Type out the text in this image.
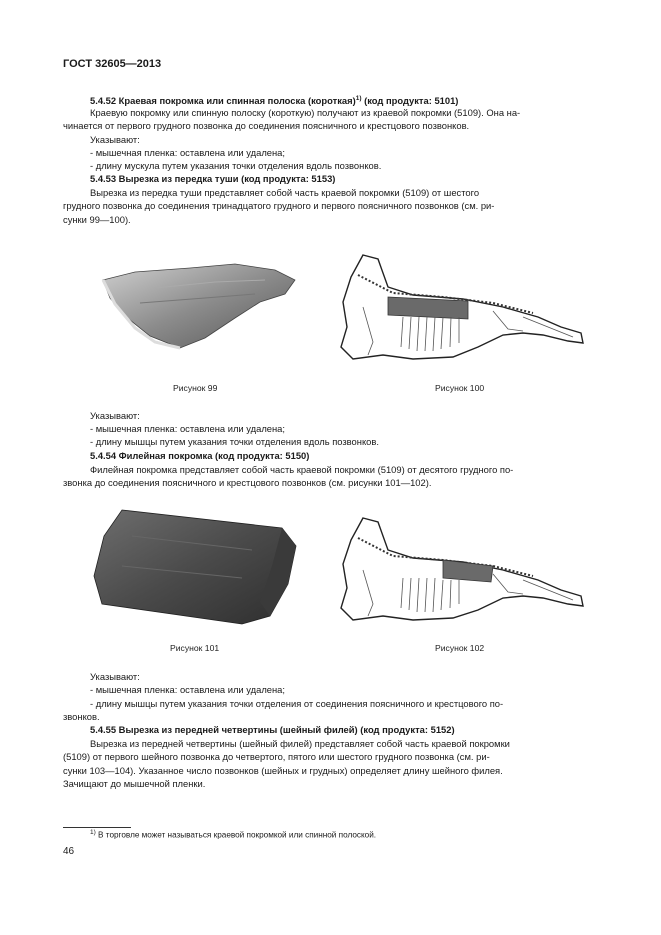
ГОСТ 32605—2013
5.4.52 Краевая покромка или спинная полоска (короткая)$^{1)}$ (код продукта: 5101)
Краевую покромку или спинную полоску (короткую) получают из краевой покромки (5109). Она на-
чинается от первого грудного позвонка до соединения поясничного и крестцового позвонков.
Указывают:
- мышечная пленка: оставлена или удалена;
- длину мускула путем указания точки отделения вдоль позвонков.
5.4.53 Вырезка из передка туши (код продукта: 5153)
Вырезка из передка туши представляет собой часть краевой покромки (5109) от шестого
грудного позвонка до соединения тринадцатого грудного и первого поясничного позвонков (см. ри-
сунки 99—100).
Рисунок 99	Рисунок 100
Указывают:
- мышечная пленка: оставлена или удалена;
- длину мышцы путем указания точки отделения вдоль позвонков.
5.4.54 Филейная покромка (код продукта: 5150)
Филейная покромка представляет собой часть краевой покромки (5109) от десятого грудного по-
звонка до соединения поясничного и крестцового позвонков (см. рисунки 101—102).
Рисунок 101	Рисунок 102
Указывают:
- мышечная пленка: оставлена или удалена;
- длину мышцы путем указания точки отделения от соединения поясничного и крестцового по-
звонков.
5.4.55 Вырезка из передней четвертины (шейный филей) (код продукта: 5152)
Вырезка из передней четвертины (шейный филей) представляет собой часть краевой покромки
(5109) от первого шейного позвонка до четвертого, пятого или шестого грудного позвонка (см. ри-
сунки 103—104). Указанное число позвонков (шейных и грудных) определяет длину шейного филея.
Зачищают до мышечной пленки.
$^{1)}$ В торговле может называться краевой покромкой или спинной полоской.
46
